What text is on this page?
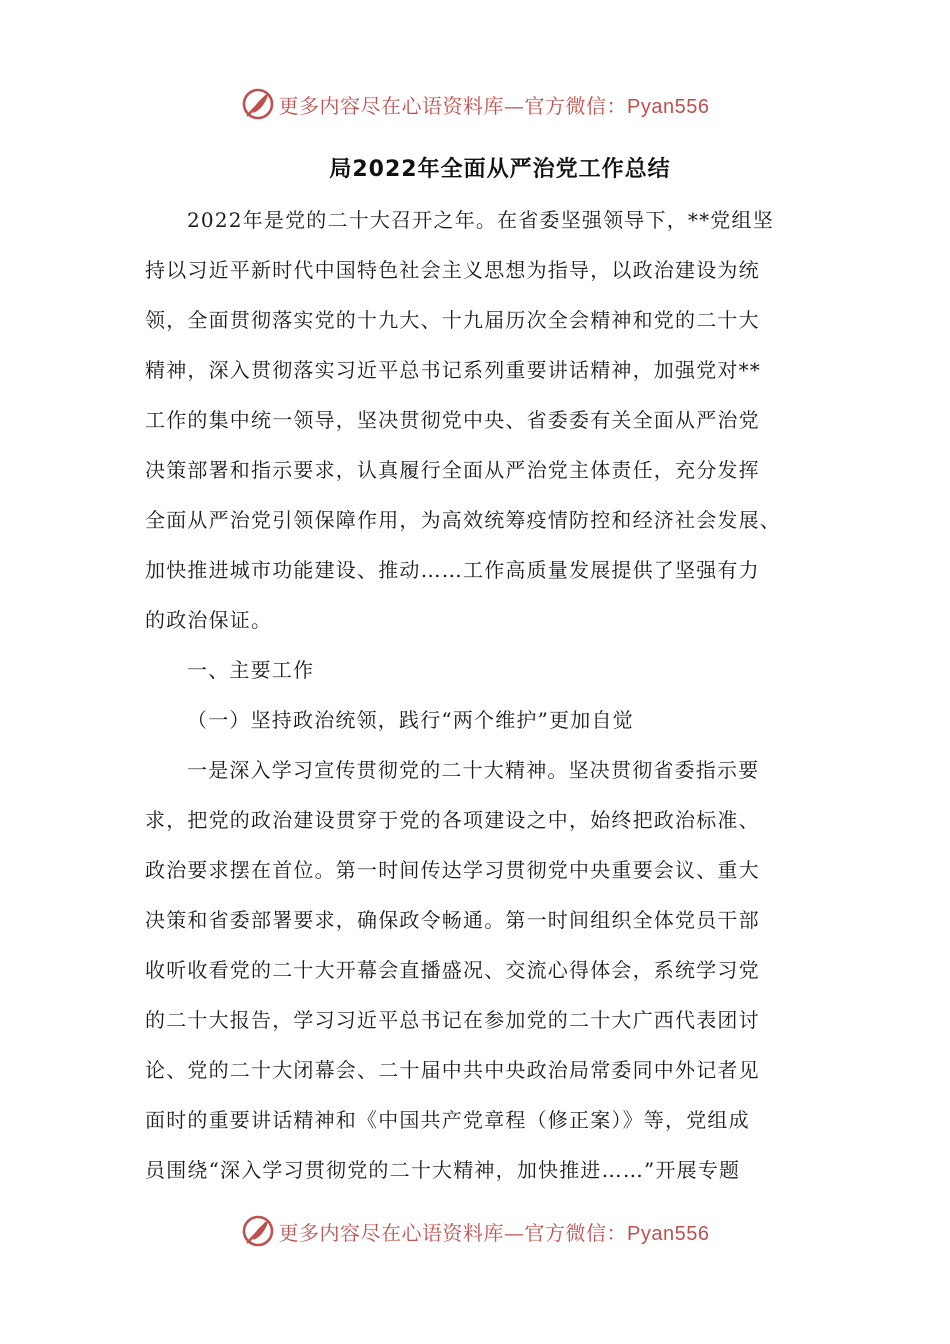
更多内容尽在心语资料库—官方微信：Pyan556
局2022年全面从严治党工作总结
2022年是党的二十大召开之年。在省委坚强领导下，**党组坚
持以习近平新时代中国特色社会主义思想为指导，以政治建设为统
领，全面贯彻落实党的十九大、十九届历次全会精神和党的二十大
精神，深入贯彻落实习近平总书记系列重要讲话精神，加强党对**
工作的集中统一领导，坚决贯彻党中央、省委委有关全面从严治党
决策部署和指示要求，认真履行全面从严治党主体责任，充分发挥
全面从严治党引领保障作用，为高效统筹疫情防控和经济社会发展、
加快推进城市功能建设、推动……工作高质量发展提供了坚强有力
的政治保证。
一、主要工作
（一）坚持政治统领，践行“两个维护”更加自觉
一是深入学习宣传贯彻党的二十大精神。坚决贯彻省委指示要
求，把党的政治建设贯穿于党的各项建设之中，始终把政治标准、
政治要求摆在首位。第一时间传达学习贯彻党中央重要会议、重大
决策和省委部署要求，确保政令畅通。第一时间组织全体党员干部
收听收看党的二十大开幕会直播盛况、交流心得体会，系统学习党
的二十大报告，学习习近平总书记在参加党的二十大广西代表团讨
论、党的二十大闭幕会、二十届中共中央政治局常委同中外记者见
面时的重要讲话精神和《中国共产党章程（修正案）》等，党组成
员围绕“深入学习贯彻党的二十大精神，加快推进……”开展专题
更多内容尽在心语资料库—官方微信：Pyan556
